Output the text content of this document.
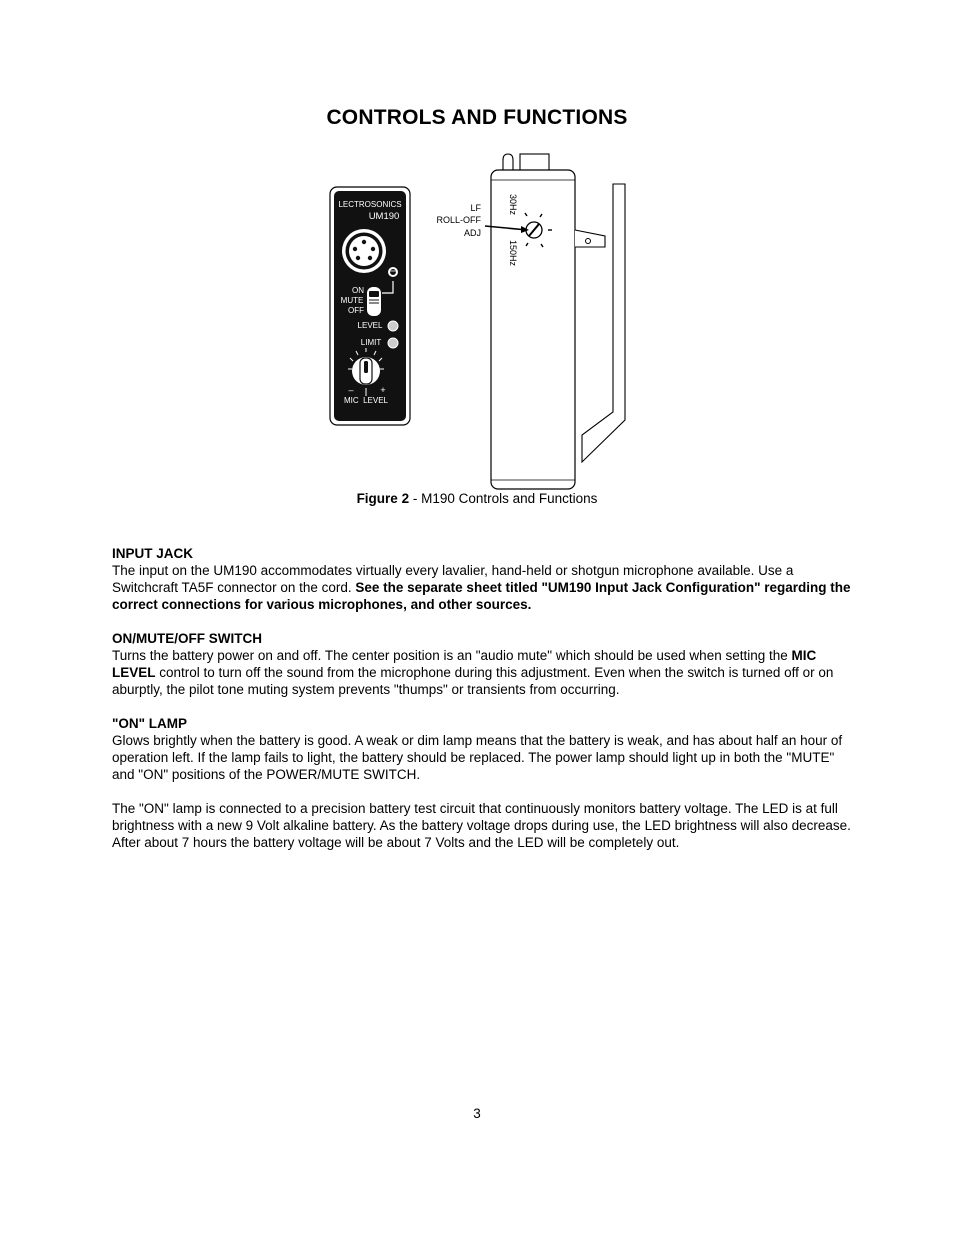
CONTROLS AND FUNCTIONS
LECTROSONICS
UM190
ON
MUTE
OFF
LEVEL
LIMIT
–	+
MIC  LEVEL
LF
ROLL-OFF
ADJ
30Hz
150Hz
Figure 2 - M190 Controls and Functions

INPUT JACK
The input on the UM190 accommodates virtually every lavalier, hand-held or shotgun microphone available. Use a Switchcraft TA5F connector on the cord. See the separate sheet titled "UM190 Input Jack Configuration" regarding the correct connections for various microphones, and other sources.

ON/MUTE/OFF SWITCH
Turns the battery power on and off. The center position is an "audio mute" which should be used when setting the MIC LEVEL control to turn off the sound from the microphone during this adjustment. Even when the switch is turned off or on aburptly, the pilot tone muting system prevents "thumps" or transients from occurring.

"ON" LAMP
Glows brightly when the battery is good. A weak or dim lamp means that the battery is weak, and has about half an hour of operation left. If the lamp fails to light, the battery should be replaced. The power lamp should light up in both the "MUTE" and "ON" positions of the POWER/MUTE SWITCH.

The "ON" lamp is connected to a precision battery test circuit that continuously monitors battery voltage. The LED is at full brightness with a new 9 Volt alkaline battery. As the battery voltage drops during use, the LED brightness will also decrease. After about 7 hours the battery voltage will be about 7 Volts and the LED will be completely out.

3
